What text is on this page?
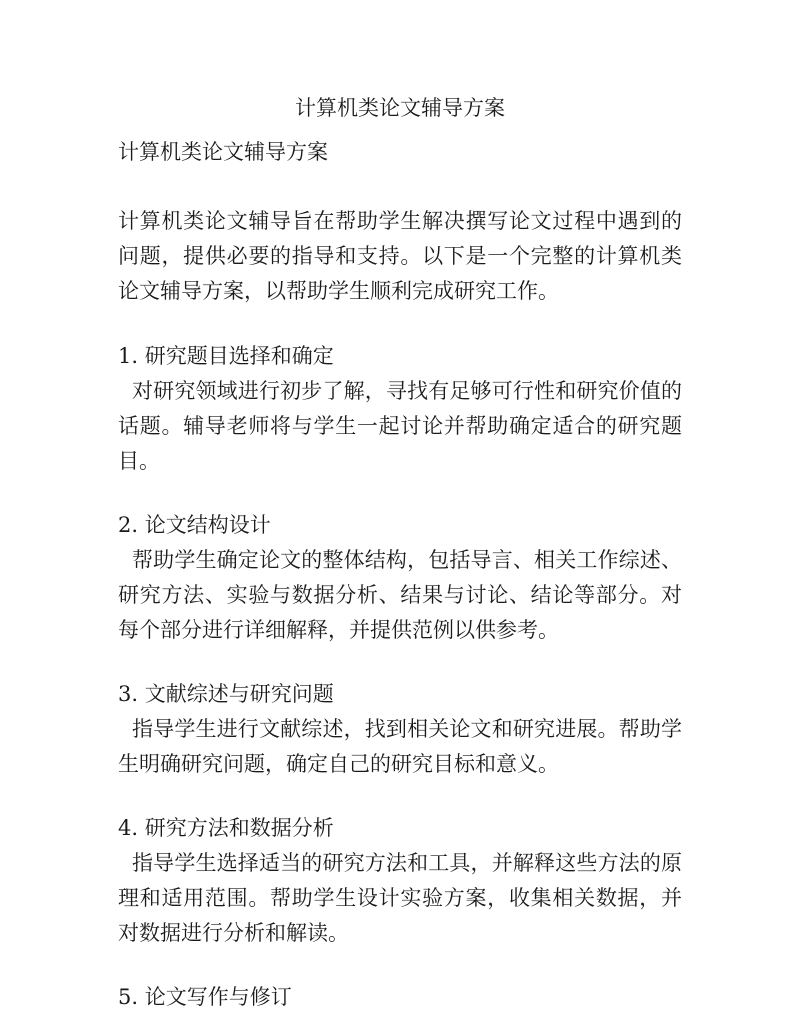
计算机类论文辅导方案
计算机类论文辅导方案

计算机类论文辅导旨在帮助学生解决撰写论文过程中遇到的问题，提供必要的指导和支持。以下是一个完整的计算机类论文辅导方案，以帮助学生顺利完成研究工作。

1. 研究题目选择和确定
对研究领域进行初步了解，寻找有足够可行性和研究价值的话题。辅导老师将与学生一起讨论并帮助确定适合的研究题目。
2. 论文结构设计
帮助学生确定论文的整体结构，包括导言、相关工作综述、研究方法、实验与数据分析、结果与讨论、结论等部分。对每个部分进行详细解释，并提供范例以供参考。
3. 文献综述与研究问题
指导学生进行文献综述，找到相关论文和研究进展。帮助学生明确研究问题，确定自己的研究目标和意义。
4. 研究方法和数据分析
指导学生选择适当的研究方法和工具，并解释这些方法的原理和适用范围。帮助学生设计实验方案，收集相关数据，并对数据进行分析和解读。
5. 论文写作与修订
